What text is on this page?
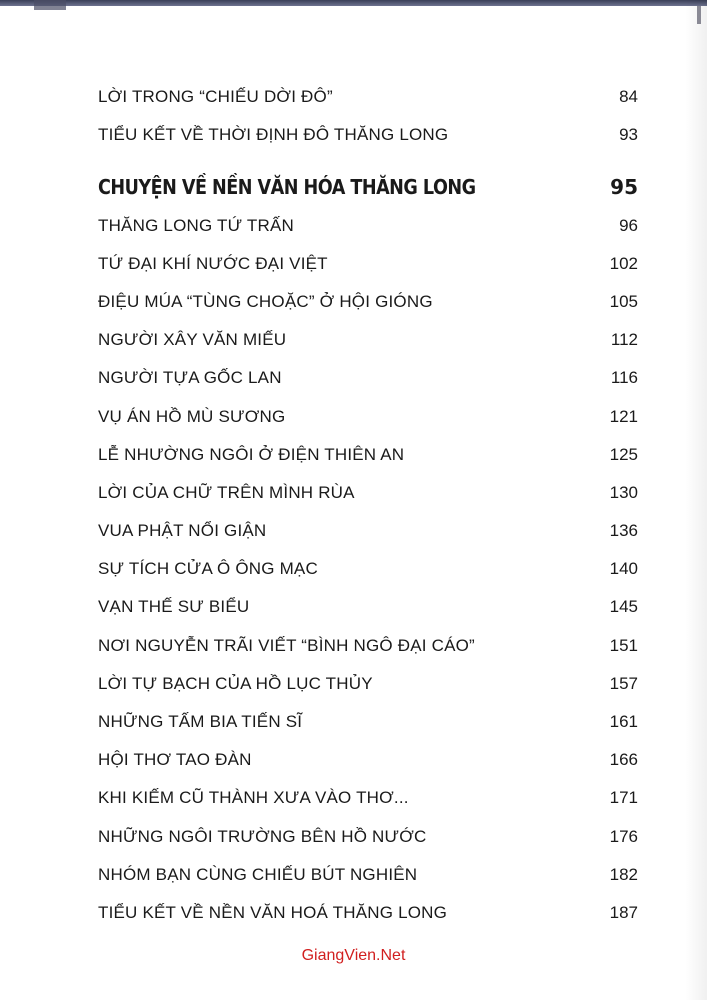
LỜI TRONG “CHIẾU DỜI ĐÔ”	84
TIỂU KẾT VỀ THỜI ĐỊNH ĐÔ THĂNG LONG	93
CHUYỆN VỀ NỀN VĂN HÓA THĂNG LONG	95
THĂNG LONG TỨ TRẤN	96
TỨ ĐẠI KHÍ NƯỚC ĐẠI VIỆT	102
ĐIỆU MÚA “TÙNG CHOẶC” Ở HỘI GIÓNG	105
NGƯỜI XÂY VĂN MIẾU	112
NGƯỜI TỰA GỐC LAN	116
VỤ ÁN HỒ MÙ SƯƠNG	121
LỄ NHƯỜNG NGÔI Ở ĐIỆN THIÊN AN	125
LỜI CỦA CHỮ TRÊN MÌNH RÙA	130
VUA PHẬT NỔI GIẬN	136
SỰ TÍCH CỬA Ô ÔNG MẠC	140
VẠN THẾ SƯ BIỂU	145
NƠI NGUYỄN TRÃI VIẾT “BÌNH NGÔ ĐẠI CÁO”	151
LỜI TỰ BẠCH CỦA HỒ LỤC THỦY	157
NHỮNG TẤM BIA TIẾN SĨ	161
HỘI THƠ TAO ĐÀN	166
KHI KIẾM CŨ THÀNH XƯA VÀO THƠ...	171
NHỮNG NGÔI TRƯỜNG BÊN HỒ NƯỚC	176
NHÓM BẠN CÙNG CHIẾU BÚT NGHIÊN	182
TIỂU KẾT VỀ NỀN VĂN HOÁ THĂNG LONG	187
GiangVien.Net
